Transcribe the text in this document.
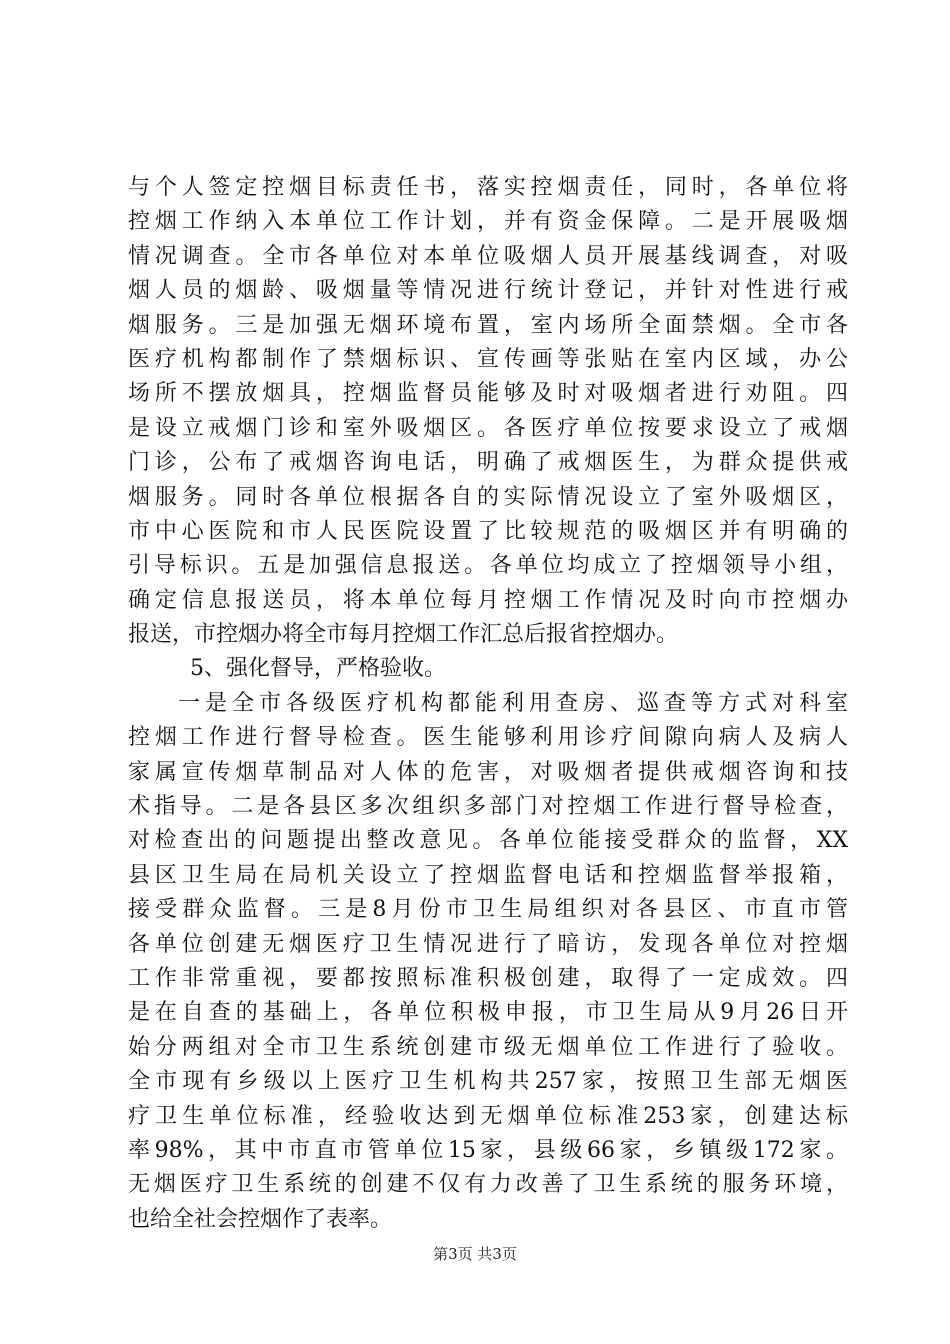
与个人签定控烟目标责任书，落实控烟责任，同时，各单位将
控烟工作纳入本单位工作计划，并有资金保障。二是开展吸烟
情况调查。全市各单位对本单位吸烟人员开展基线调查，对吸
烟人员的烟龄、吸烟量等情况进行统计登记，并针对性进行戒
烟服务。三是加强无烟环境布置，室内场所全面禁烟。全市各
医疗机构都制作了禁烟标识、宣传画等张贴在室内区域，办公
场所不摆放烟具，控烟监督员能够及时对吸烟者进行劝阻。四
是设立戒烟门诊和室外吸烟区。各医疗单位按要求设立了戒烟
门诊，公布了戒烟咨询电话，明确了戒烟医生，为群众提供戒
烟服务。同时各单位根据各自的实际情况设立了室外吸烟区，
市中心医院和市人民医院设置了比较规范的吸烟区并有明确的
引导标识。五是加强信息报送。各单位均成立了控烟领导小组，
确定信息报送员，将本单位每月控烟工作情况及时向市控烟办
报送，市控烟办将全市每月控烟工作汇总后报省控烟办。
5、强化督导，严格验收。
一是全市各级医疗机构都能利用查房、巡查等方式对科室
控烟工作进行督导检查。医生能够利用诊疗间隙向病人及病人
家属宣传烟草制品对人体的危害，对吸烟者提供戒烟咨询和技
术指导。二是各县区多次组织多部门对控烟工作进行督导检查，
对检查出的问题提出整改意见。各单位能接受群众的监督，XX
县区卫生局在局机关设立了控烟监督电话和控烟监督举报箱，
接受群众监督。三是8月份市卫生局组织对各县区、市直市管
各单位创建无烟医疗卫生情况进行了暗访，发现各单位对控烟
工作非常重视，要都按照标准积极创建，取得了一定成效。四
是在自查的基础上，各单位积极申报，市卫生局从9月26日开
始分两组对全市卫生系统创建市级无烟单位工作进行了验收。
全市现有乡级以上医疗卫生机构共257家，按照卫生部无烟医
疗卫生单位标准，经验收达到无烟单位标准253家，创建达标
率98%，其中市直市管单位15家，县级66家，乡镇级172家。
无烟医疗卫生系统的创建不仅有力改善了卫生系统的服务环境，
也给全社会控烟作了表率。
第3页 共3页
